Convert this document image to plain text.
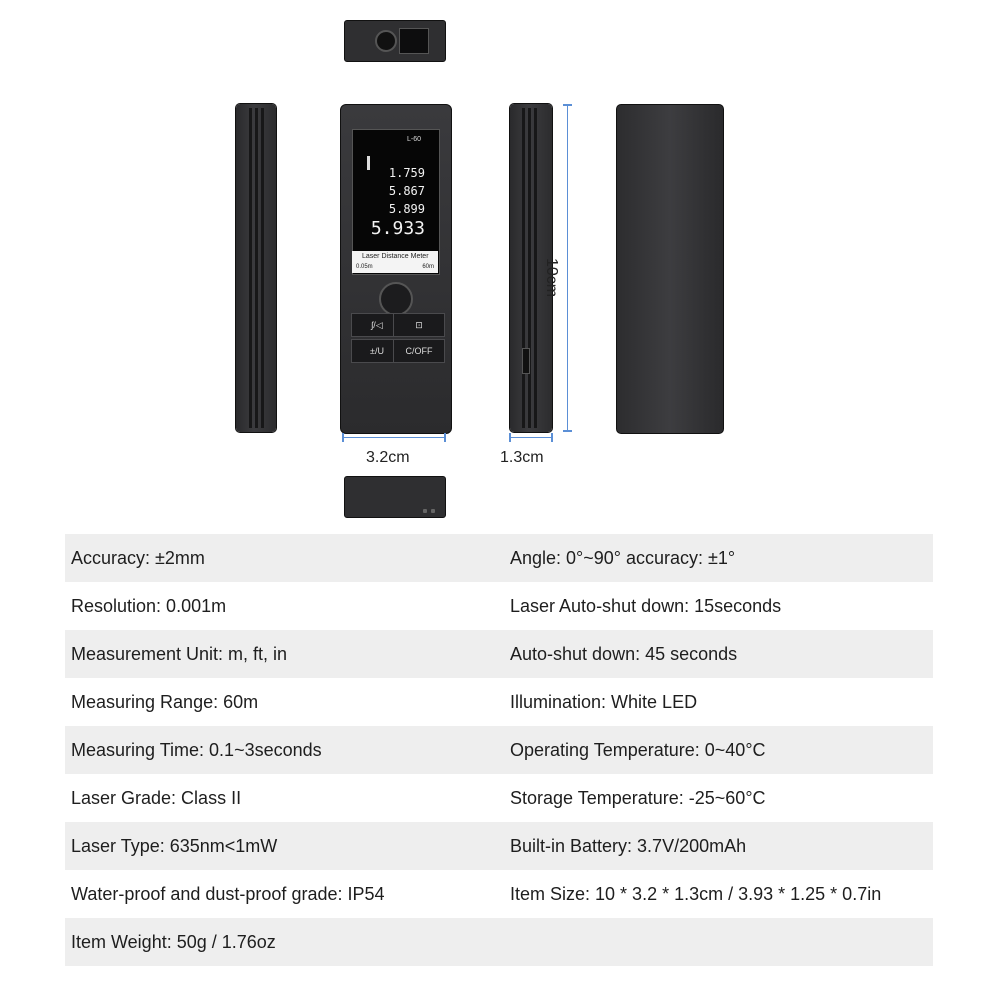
L-60
1.759
5.867
5.899
5.933
Laser Distance Meter
0.05m	60m
ʃ/◁	⊡
±/U	C/OFF
3.2cm	1.3cm
10cm
Accuracy: ±2mm	Angle: 0°~90° accuracy: ±1°
Resolution: 0.001m	Laser Auto-shut down: 15seconds
Measurement Unit: m, ft, in	Auto-shut down: 45 seconds
Measuring Range: 60m	Illumination: White LED
Measuring Time: 0.1~3seconds	Operating Temperature: 0~40°C
Laser Grade: Class II	Storage Temperature: -25~60°C
Laser Type: 635nm<1mW	Built-in Battery: 3.7V/200mAh
Water-proof and dust-proof grade: IP54	Item Size: 10 * 3.2 * 1.3cm / 3.93 * 1.25 * 0.7in
Item Weight: 50g / 1.76oz
